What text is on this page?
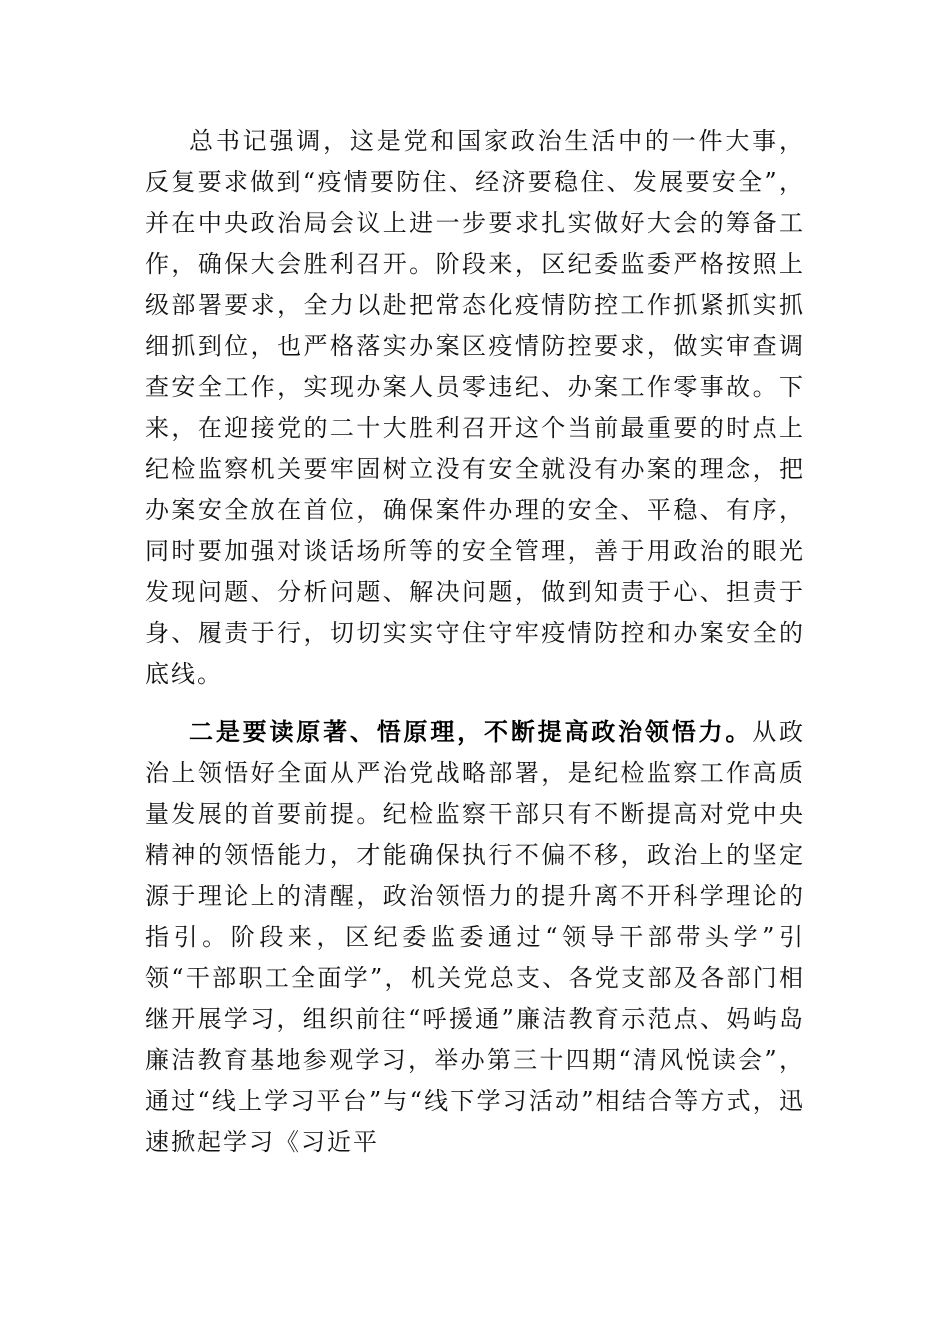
总书记强调，这是党和国家政治生活中的一件大事，反复要求做到“疫情要防住、经济要稳住、发展要安全”，并在中央政治局会议上进一步要求扎实做好大会的筹备工作，确保大会胜利召开。阶段来，区纪委监委严格按照上级部署要求，全力以赴把常态化疫情防控工作抓紧抓实抓细抓到位，也严格落实办案区疫情防控要求，做实审查调查安全工作，实现办案人员零违纪、办案工作零事故。下来，在迎接党的二十大胜利召开这个当前最重要的时点上纪检监察机关要牢固树立没有安全就没有办案的理念，把办案安全放在首位，确保案件办理的安全、平稳、有序，同时要加强对谈话场所等的安全管理，善于用政治的眼光发现问题、分析问题、解决问题，做到知责于心、担责于身、履责于行，切切实实守住守牢疫情防控和办案安全的底线。

二是要读原著、悟原理，不断提高政治领悟力。从政治上领悟好全面从严治党战略部署，是纪检监察工作高质量发展的首要前提。纪检监察干部只有不断提高对党中央精神的领悟能力，才能确保执行不偏不移，政治上的坚定源于理论上的清醒，政治领悟力的提升离不开科学理论的指引。阶段来，区纪委监委通过“领导干部带头学”引领“干部职工全面学”，机关党总支、各党支部及各部门相继开展学习，组织前往“呼援通”廉洁教育示范点、妈屿岛廉洁教育基地参观学习，举办第三十四期“清风悦读会”，通过“线上学习平台”与“线下学习活动”相结合等方式，迅速掀起学习《习近平
